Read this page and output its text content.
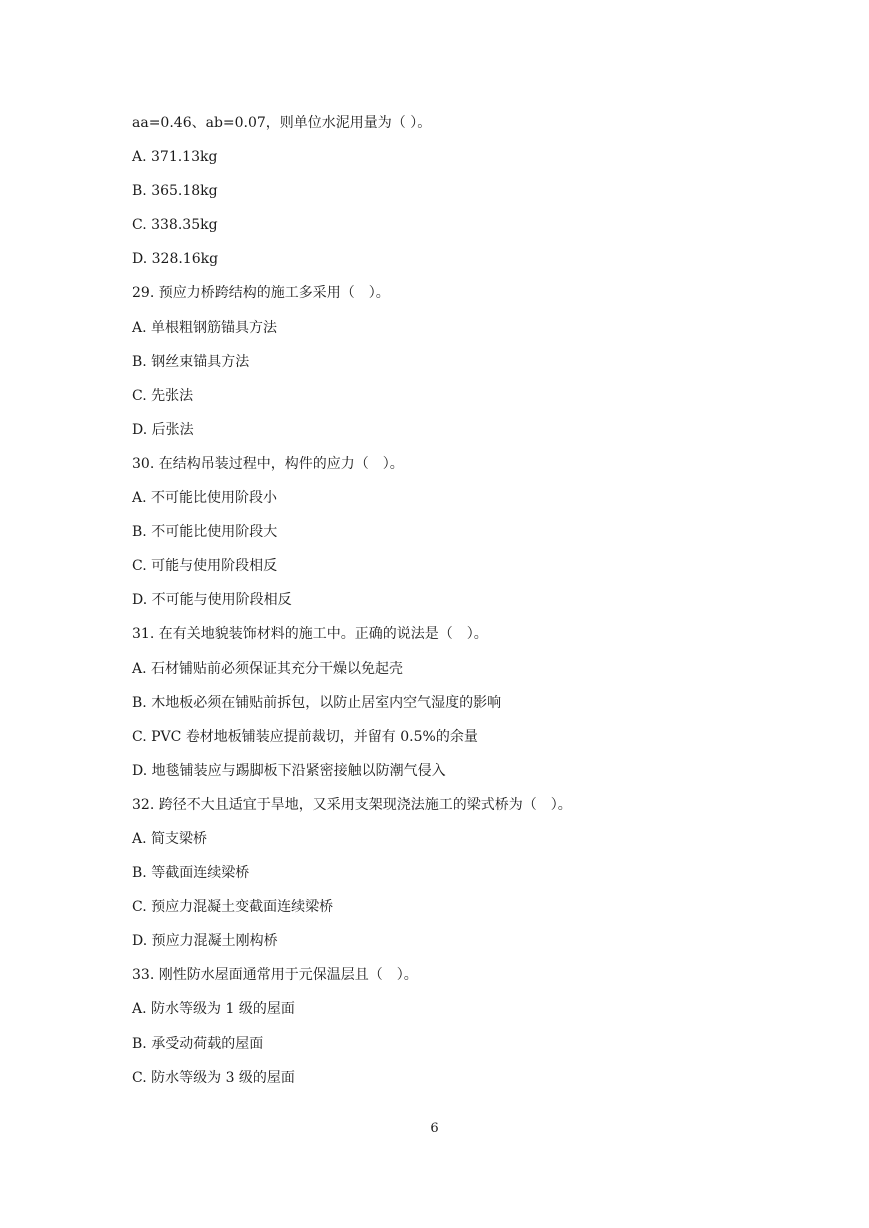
aa=0.46、ab=0.07，则单位水泥用量为（ ）。
A. 371.13kg
B. 365.18kg
C. 338.35kg
D. 328.16kg
29. 预应力桥跨结构的施工多采用（　）。
A. 单根粗钢筋锚具方法
B. 钢丝束锚具方法
C. 先张法
D. 后张法
30. 在结构吊装过程中，构件的应力（　）。
A. 不可能比使用阶段小
B. 不可能比使用阶段大
C. 可能与使用阶段相反
D. 不可能与使用阶段相反
31. 在有关地貌装饰材料的施工中。正确的说法是（　）。
A. 石材铺贴前必须保证其充分干燥以免起壳
B. 木地板必须在铺贴前拆包，以防止居室内空气湿度的影响
C. PVC 卷材地板铺装应提前裁切，并留有 0.5%的余量
D. 地毯铺装应与踢脚板下沿紧密接触以防潮气侵入
32. 跨径不大且适宜于旱地，又采用支架现浇法施工的梁式桥为（　）。
A. 简支梁桥
B. 等截面连续梁桥
C. 预应力混凝土变截面连续梁桥
D. 预应力混凝土刚构桥
33. 刚性防水屋面通常用于元保温层且（　）。
A. 防水等级为 1 级的屋面
B. 承受动荷载的屋面
C. 防水等级为 3 级的屋面
6
